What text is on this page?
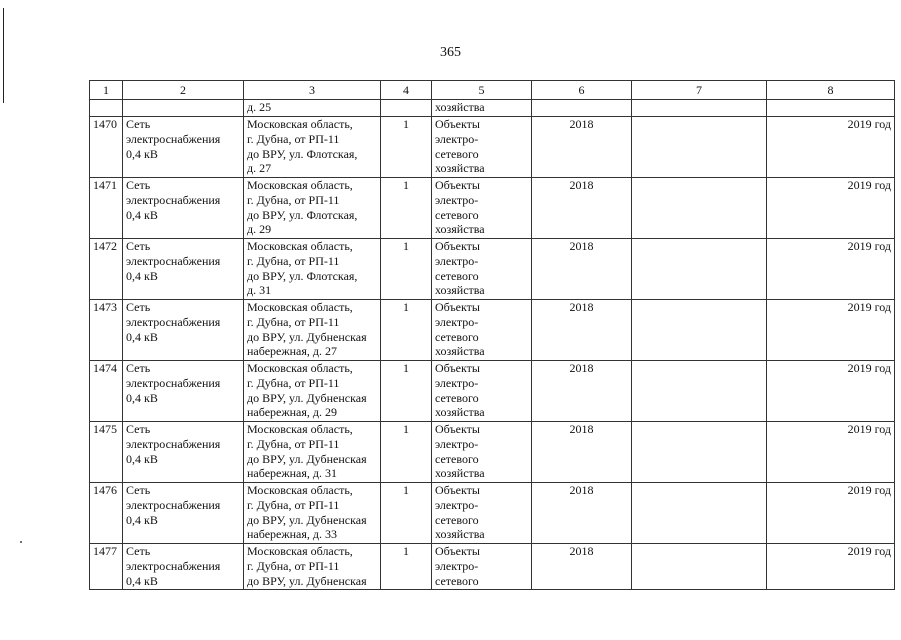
365
1	2	3	4	5	6	7	8
		д. 25		хозяйства			
1470	Сеть
электроснабжения
0,4 кВ	Московская область,
г. Дубна, от РП-11
до ВРУ, ул. Флотская,
д. 27	1	Объекты
электро-
сетевого
хозяйства	2018		2019 год
1471	Сеть
электроснабжения
0,4 кВ	Московская область,
г. Дубна, от РП-11
до ВРУ, ул. Флотская,
д. 29	1	Объекты
электро-
сетевого
хозяйства	2018		2019 год
1472	Сеть
электроснабжения
0,4 кВ	Московская область,
г. Дубна, от РП-11
до ВРУ, ул. Флотская,
д. 31	1	Объекты
электро-
сетевого
хозяйства	2018		2019 год
1473	Сеть
электроснабжения
0,4 кВ	Московская область,
г. Дубна, от РП-11
до ВРУ, ул. Дубненская
набережная, д. 27	1	Объекты
электро-
сетевого
хозяйства	2018		2019 год
1474	Сеть
электроснабжения
0,4 кВ	Московская область,
г. Дубна, от РП-11
до ВРУ, ул. Дубненская
набережная, д. 29	1	Объекты
электро-
сетевого
хозяйства	2018		2019 год
1475	Сеть
электроснабжения
0,4 кВ	Московская область,
г. Дубна, от РП-11
до ВРУ, ул. Дубненская
набережная, д. 31	1	Объекты
электро-
сетевого
хозяйства	2018		2019 год
1476	Сеть
электроснабжения
0,4 кВ	Московская область,
г. Дубна, от РП-11
до ВРУ, ул. Дубненская
набережная, д. 33	1	Объекты
электро-
сетевого
хозяйства	2018		2019 год
1477	Сеть
электроснабжения
0,4 кВ	Московская область,
г. Дубна, от РП-11
до ВРУ, ул. Дубненская	1	Объекты
электро-
сетевого	2018		2019 год
